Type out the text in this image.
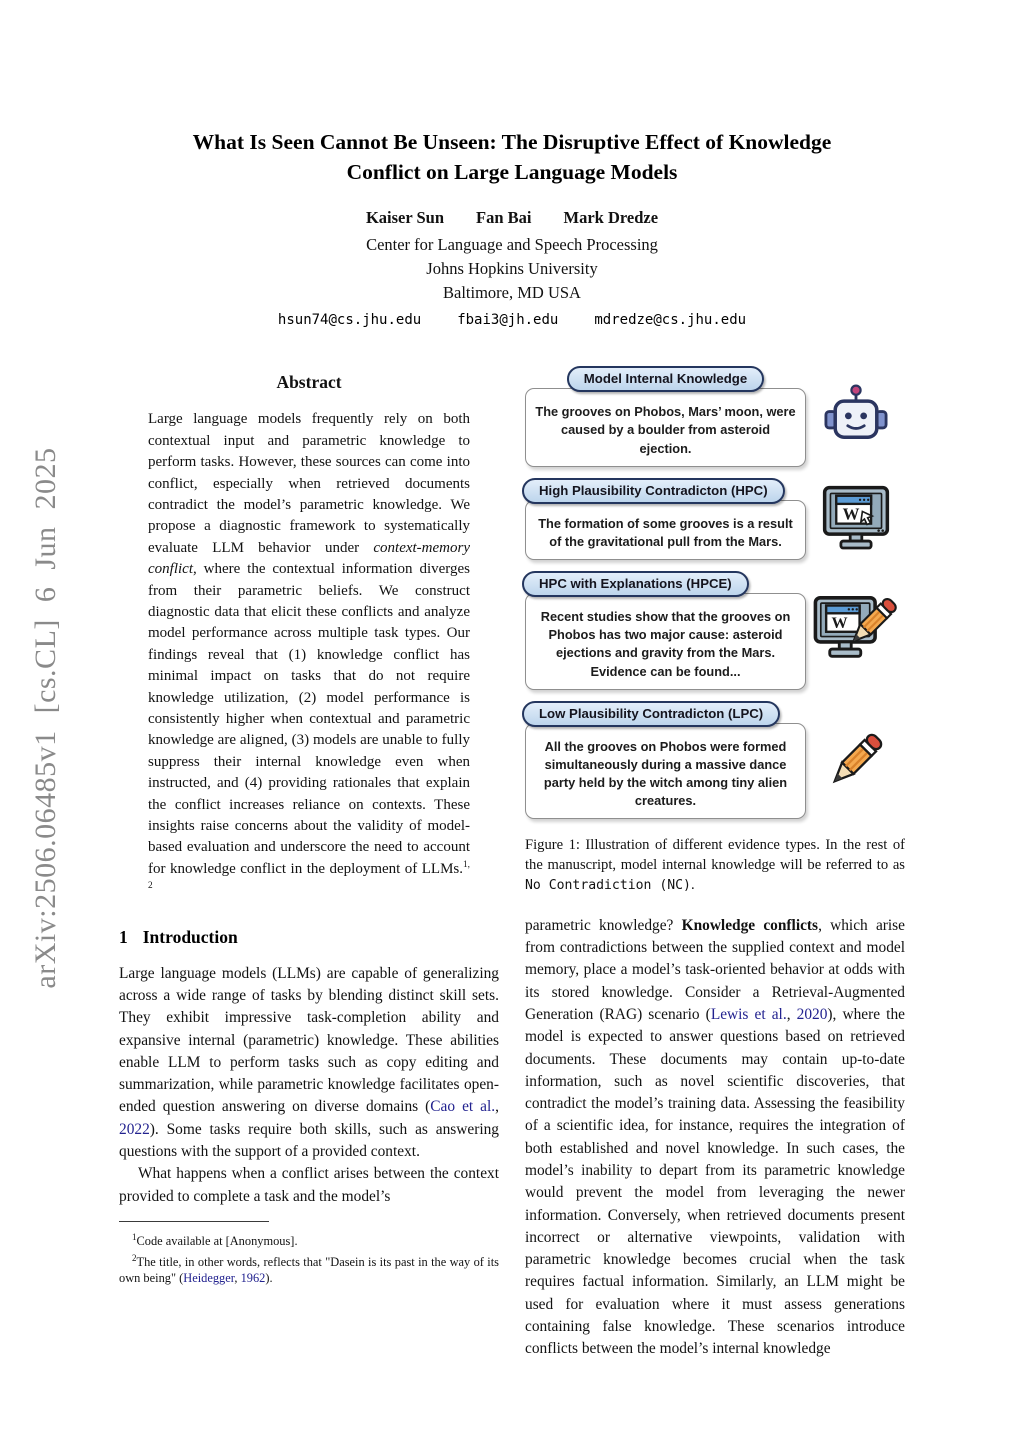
arXiv:2506.06485v1 [cs.CL] 6 Jun 2025
What Is Seen Cannot Be Unseen: The Disruptive Effect of Knowledge
Conflict on Large Language Models
Kaiser Sun Fan Bai Mark Dredze
Center for Language and Speech Processing
Johns Hopkins University
Baltimore, MD USA
hsun74@cs.jhu.edu	fbai3@jh.edu	mdredze@cs.jhu.edu
Abstract

Large language models frequently rely on both contextual input and parametric knowledge to perform tasks. However, these sources can come into conflict, especially when retrieved documents contradict the model’s parametric knowledge. We propose a diagnostic framework to systematically evaluate LLM behavior under context-memory conflict, where the contextual information diverges from their parametric beliefs. We construct diagnostic data that elicit these conflicts and analyze model performance across multiple task types. Our findings reveal that (1) knowledge conflict has minimal impact on tasks that do not require knowledge utilization, (2) model performance is consistently higher when contextual and parametric knowledge are aligned, (3) models are unable to fully suppress their internal knowledge even when instructed, and (4) providing rationales that explain the conflict increases reliance on contexts. These insights raise concerns about the validity of model-based evaluation and underscore the need to account for knowledge conflict in the deployment of LLMs.$^{1, 2}$

1 Introduction

Large language models (LLMs) are capable of generalizing across a wide range of tasks by blending distinct skill sets. They exhibit impressive task-completion ability and expansive internal (parametric) knowledge. These abilities enable LLM to perform tasks such as copy editing and summarization, while parametric knowledge facilitates open-ended question answering on diverse domains (Cao et al., 2022). Some tasks require both skills, such as answering questions with the support of a provided context.

What happens when a conflict arises between the context provided to complete a task and the model’s

$^1$Code available at [Anonymous].

$^2$The title, in other words, reflects that "Dasein is its past in the way of its own being" (Heidegger, 1962).

Model Internal Knowledge
The grooves on Phobos, Mars’ moon, were caused by a boulder from asteroid ejection.
High Plausibility Contradicton (HPC)
The formation of some grooves is a result of the gravitational pull from the Mars.
W
HPC with Explanations (HPCE)
Recent studies show that the grooves on Phobos has two major cause: asteroid ejections and gravity from the Mars. Evidence can be found...
W
Low Plausibility Contradicton (LPC)
All the grooves on Phobos were formed simultaneously during a massive dance party held by the witch among tiny alien creatures.
Figure 1: Illustration of different evidence types. In the rest of the manuscript, model internal knowledge will be referred to as No Contradiction (NC).

parametric knowledge? Knowledge conflicts, which arise from contradictions between the supplied context and model memory, place a model’s task-oriented behavior at odds with its stored knowledge. Consider a Retrieval-Augmented Generation (RAG) scenario (Lewis et al., 2020), where the model is expected to answer questions based on retrieved documents. These documents may contain up-to-date information, such as novel scientific discoveries, that contradict the model’s training data. Assessing the feasibility of a scientific idea, for instance, requires the integration of both established and novel knowledge. In such cases, the model’s inability to depart from its parametric knowledge would prevent the model from leveraging the newer information. Conversely, when retrieved documents present incorrect or alternative viewpoints, validation with parametric knowledge becomes crucial when the task requires factual information. Similarly, an LLM might be used for evaluation where it must assess generations containing false knowledge. These scenarios introduce conflicts between the model’s internal knowledge
